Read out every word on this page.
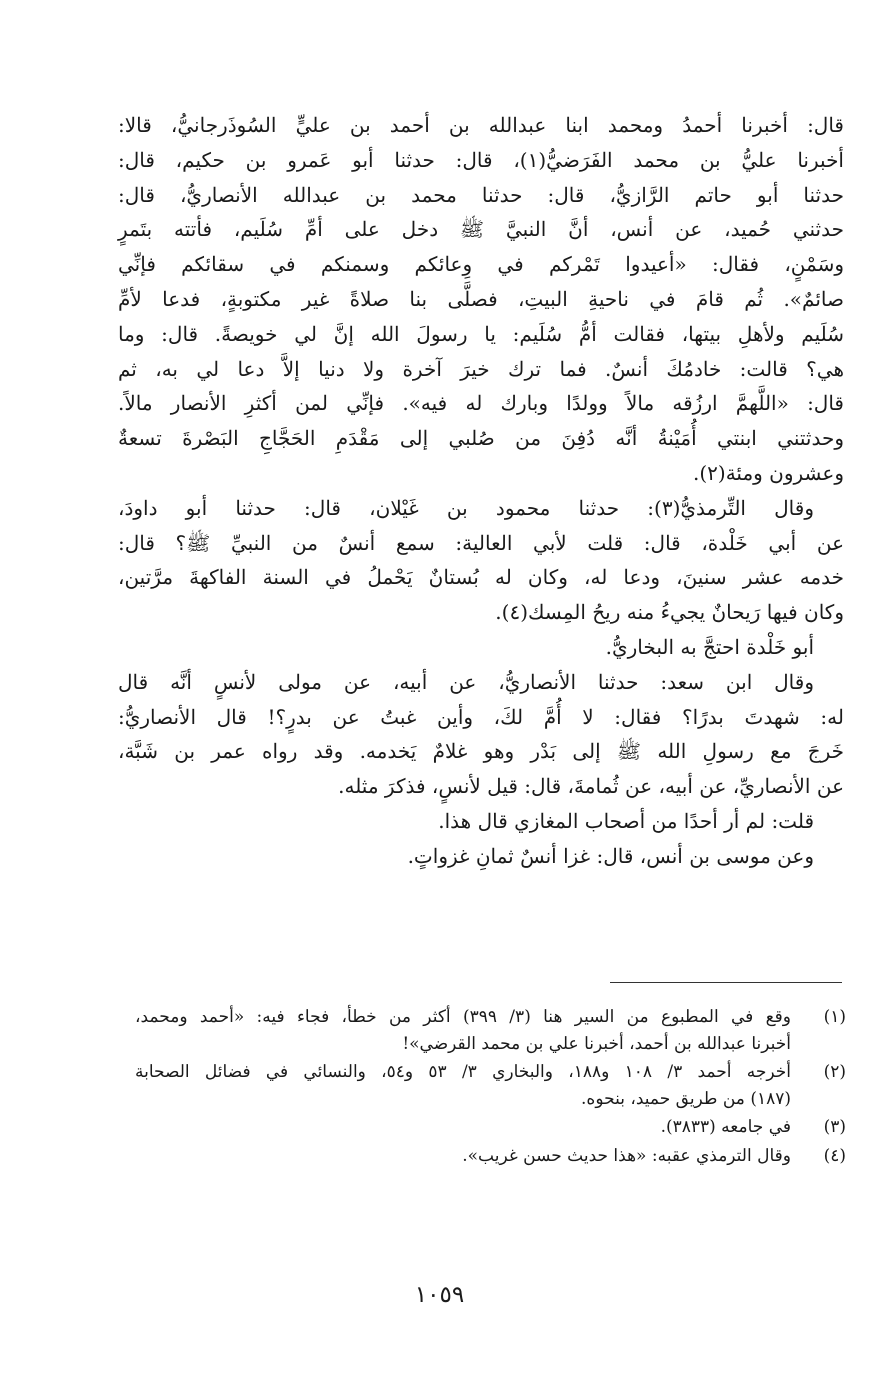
قال: أخبرنا أحمدُ ومحمد ابنا عبدالله بن أحمد بن عليٍّ السُوذَرجانيُّ، قالا:
أخبرنا عليُّ بن محمد الفَرَضيُّ(١)، قال: حدثنا أبو عَمرو بن حكيم، قال:
حدثنا أبو حاتم الرَّازيُّ، قال: حدثنا محمد بن عبدالله الأنصاريُّ، قال:
حدثني حُميد، عن أنس، أنَّ النبيَّ ﷺ دخل على أمِّ سُلَيم، فأتته بتَمرٍ
وسَمْنٍ، فقال: «أعيدوا تَمْركم في وِعائكم وسمنكم في سقائكم فإنِّي
صائمٌ». ثُم قامَ في ناحيةِ البيتِ، فصلَّى بنا صلاةً غير مكتوبةٍ، فدعا لأمِّ
سُلَيم ولأهلِ بيتها، فقالت أمُّ سُلَيم: يا رسولَ الله إنَّ لي خويصةً. قال: وما
هي؟ قالت: خادمُكَ أنسٌ. فما ترك خيرَ آخرة ولا دنيا إلاَّ دعا لي به، ثم
قال: «اللَّهمَّ ارزُقه مالاً وولدًا وبارك له فيه». فإنِّي لمن أكثرِ الأنصار مالاً.
وحدثتني ابنتي أُمَيْنةُ أنَّه دُفِنَ من صُلبي إلى مَقْدَمِ الحَجَّاجِ البَصْرةَ تسعةٌ
وعشرون ومئة(٢).
وقال التِّرمذيُّ(٣): حدثنا محمود بن غَيْلان، قال: حدثنا أبو داودَ،
عن أبي خَلْدة، قال: قلت لأبي العالية: سمع أنسٌ من النبيِّ ﷺ؟ قال:
خدمه عشر سنينَ، ودعا له، وكان له بُستانٌ يَحْملُ في السنة الفاكهةَ مرَّتين،
وكان فيها رَيحانٌ يجيءُ منه ريحُ المِسك(٤).
أبو خَلْدة احتجَّ به البخاريُّ.
وقال ابن سعد: حدثنا الأنصاريُّ، عن أبيه، عن مولى لأنسٍ أنَّه قال
له: شهدتَ بدرًا؟ فقال: لا أُمَّ لكَ، وأين غبتُ عن بدرٍ؟! قال الأنصاريُّ:
خَرجَ مع رسولِ الله ﷺ إلى بَدْر وهو غلامٌ يَخدمه. وقد رواه عمر بن شَبَّة،
عن الأنصاريِّ، عن أبيه، عن ثُمامةَ، قال: قيل لأنسٍ، فذكرَ مثله.
قلت: لم أر أحدًا من أصحاب المغازي قال هذا.
وعن موسى بن أنس، قال: غزا أنسٌ ثمانِ غزواتٍ.
(١)
وقع في المطبوع من السير هنا (٣/ ٣٩٩) أكثر من خطأ، فجاء فيه: «أحمد ومحمد،
أخبرنا عبدالله بن أحمد، أخبرنا علي بن محمد القرضي»!
(٢)
أخرجه أحمد ٣/ ١٠٨ و١٨٨، والبخاري ٣/ ٥٣ و٥٤، والنسائي في فضائل الصحابة
(١٨٧) من طريق حميد، بنحوه.
(٣)
في جامعه (٣٨٣٣).
(٤)
وقال الترمذي عقبه: «هذا حديث حسن غريب».
١٠٥٩
